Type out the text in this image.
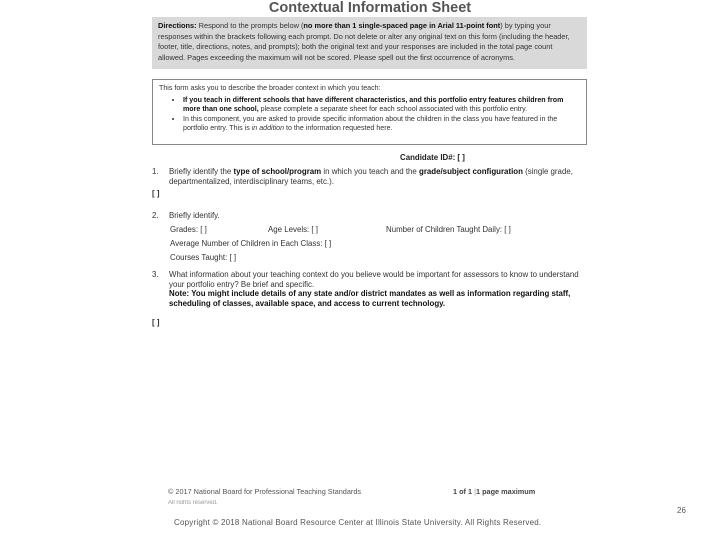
Contextual Information Sheet
Directions: Respond to the prompts below (no more than 1 single-spaced page in Arial 11-point font) by typing your responses within the brackets following each prompt. Do not delete or alter any original text on this form (including the header, footer, title, directions, notes, and prompts); both the original text and your responses are included in the total page count allowed. Pages exceeding the maximum will not be scored. Please spell out the first occurrence of acronyms.
This form asks you to describe the broader context in which you teach:
• If you teach in different schools that have different characteristics, and this portfolio entry features children from more than one school, please complete a separate sheet for each school associated with this portfolio entry.
• In this component, you are asked to provide specific information about the children in the class you have featured in the portfolio entry. This is in addition to the information requested here.
Candidate ID#: [ ]
1. Briefly identify the type of school/program in which you teach and the grade/subject configuration (single grade, departmentalized, interdisciplinary teams, etc.).
[ ]
2. Briefly identify.
Grades: [ ]	Age Levels: [ ]	Number of Children Taught Daily: [ ]
Average Number of Children in Each Class: [ ]
Courses Taught: [ ]
3. What information about your teaching context do you believe would be important for assessors to know to understand your portfolio entry? Be brief and specific.
Note: You might include details of any state and/or district mandates as well as information regarding staff, scheduling of classes, available space, and access to current technology.
[ ]
© 2017 National Board for Professional Teaching Standards
All rights reserved.
1 of 1 |1 page maximum
26
Copyright © 2018 National Board Resource Center at Illinois State University. All Rights Reserved.
